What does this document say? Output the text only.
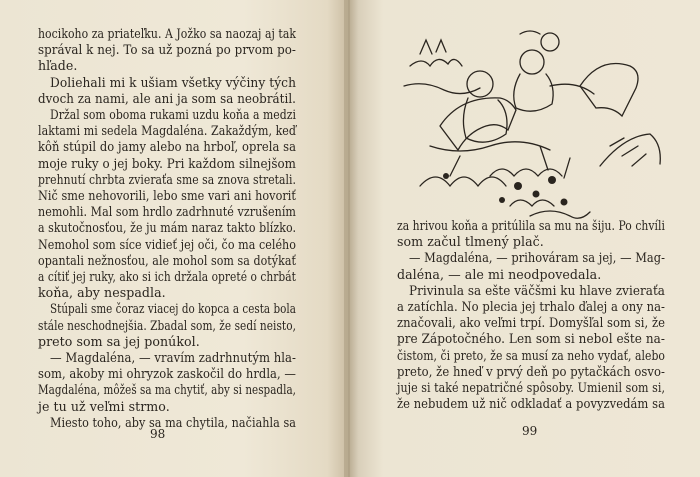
hocikoho za priateľku. A Jožko sa naozaj aj tak
správal k nej. To sa už pozná po prvom po-
hľade.
Doliehali mi k ušiam všetky výčiny tých
dvoch za nami, ale ani ja som sa neobrátil.
Držal som oboma rukami uzdu koňa a medzi
laktami mi sedela Magdaléna. Zakaždým, keď
kôň stúpil do jamy alebo na hrboľ, oprela sa
moje ruky o jej boky. Pri každom silnejšom
prehnutí chrbta zvieraťa sme sa znova stretali.
Nič sme nehovorili, lebo sme vari ani hovoriť
nemohli. Mal som hrdlo zadrhnuté vzrušením
a skutočnosťou, že ju mám naraz takto blízko.
Nemohol som síce vidieť jej oči, čo ma celého
opantali nežnosťou, ale mohol som sa dotýkať
a cítiť jej ruky, ako si ich držala opreté o chrbát
koňa, aby nespadla.
Stúpali sme čoraz viacej do kopca a cesta bola
stále neschodnejšia. Zbadal som, že sedí neisto,
preto som sa jej ponúkol.
— Magdaléna, — vravím zadrhnutým hla-
som, akoby mi ohryzok zaskočil do hrdla, —
Magdaléna, môžeš sa ma chytiť, aby si nespadla,
je tu už veľmi strmo.
Miesto toho, aby sa ma chytila, načiahla sa
98
za hrivou koňa a pritúlila sa mu na šiju. Po chvíli
som začul tlmený plač.
— Magdaléna, — prihováram sa jej, — Mag-
daléna, — ale mi neodpovedala.
Privinula sa ešte väčšmi ku hlave zvieraťa
a zatíchla. No plecia jej trhalo ďalej a ony na-
značovali, ako veľmi trpí. Domyšľal som si, že
pre Zápotočného. Len som si nebol ešte na-
čistom, či preto, že sa musí za neho vydať, alebo
preto, že hneď v prvý deň po pytačkách osvo-
juje si také nepatričné spôsoby. Umienil som si,
že nebudem už nič odkladať a povyzvedám sa
99
